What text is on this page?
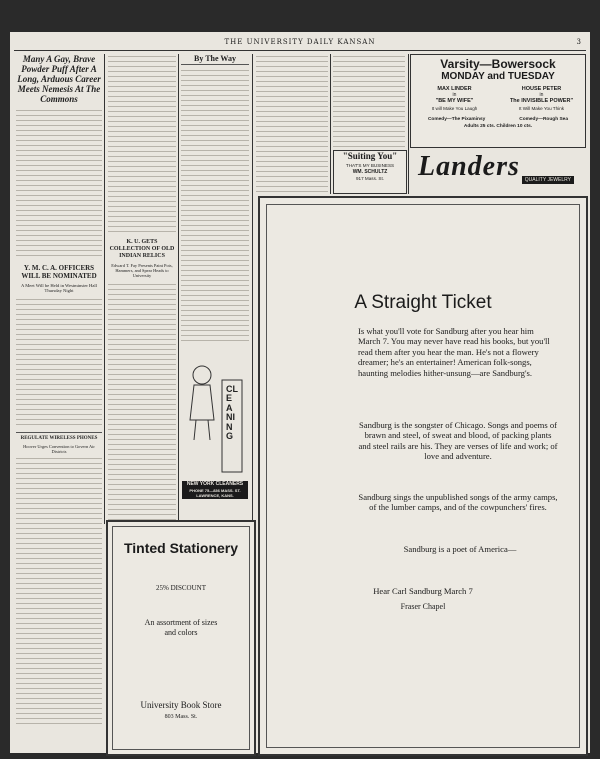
THE UNIVERSITY DAILY KANSAN	3
Many A Gay, Brave Powder Puff After A Long, Arduous Career Meets Nemesis At The Commons
Y. M. C. A. OFFICERS WILL BE NOMINATED
A Meet Will be Held in Westminster Hall Thursday Night
REGULATE WIRELESS PHONES
Hoover Urges Convention to Govern Air Districts
K. U. GETS COLLECTION OF OLD INDIAN RELICS
Edward T. Fay Presents Paint Pots, Hammers, and Spear Heads to University
By The Way
CLEANING
NEW YORK CLEANERS
PHONE 75—836 MASS. ST.
LAWRENCE, KANS.
Varsity—Bowersock
MONDAY and TUESDAY
MAX LINDER
in
"BE MY WIFE"
It will Make You Laugh
HOUSE PETER
in
The INVISIBLE POWER"
It Will Make You Think
Comedy—The Pixaminsy	Comedy—Rough Sea
Adults 25 cts. Children 10 cts.
"Suiting You"
THAT'S MY BUSINESS
WM. SCHULTZ
917 Mass. St.	Landers QUALITY JEWELRY
A Straight Ticket
Is what you'll vote for Sandburg after you hear him March 7. You may never have read his books, but you'll read them after you hear the man. He's not a flowery dreamer; he's an entertainer! American folk-songs, haunting melodies hither-unsung—are Sandburg's.
Sandburg is the songster of Chicago. Songs and poems of brawn and steel, of sweat and blood, of packing plants and steel rails are his. They are verses of life and work; of love and adventure.
Sandburg sings the unpublished songs of the army camps, of the lumber camps, and of the cowpunchers' fires.
Sandburg is a poet of America—
Hear Carl Sandburg March 7
Fraser Chapel
Tinted Stationery
25% DISCOUNT
An assortment of sizes and colors
University Book Store
803 Mass. St.
